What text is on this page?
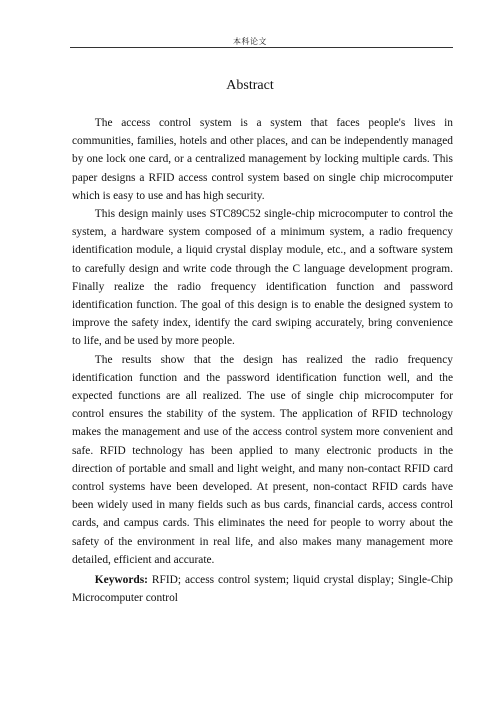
本科论文
Abstract

The access control system is a system that faces people's lives in communities, families, hotels and other places, and can be independently managed by one lock one card, or a centralized management by locking multiple cards. This paper designs a RFID access control system based on single chip microcomputer which is easy to use and has high security.

This design mainly uses STC89C52 single-chip microcomputer to control the system, a hardware system composed of a minimum system, a radio frequency identification module, a liquid crystal display module, etc., and a software system to carefully design and write code through the C language development program. Finally realize the radio frequency identification function and password identification function. The goal of this design is to enable the designed system to improve the safety index, identify the card swiping accurately, bring convenience to life, and be used by more people.

The results show that the design has realized the radio frequency identification function and the password identification function well, and the expected functions are all realized. The use of single chip microcomputer for control ensures the stability of the system. The application of RFID technology makes the management and use of the access control system more convenient and safe. RFID technology has been applied to many electronic products in the direction of portable and small and light weight, and many non-contact RFID card control systems have been developed. At present, non-contact RFID cards have been widely used in many fields such as bus cards, financial cards, access control cards, and campus cards. This eliminates the need for people to worry about the safety of the environment in real life, and also makes many management more detailed, efficient and accurate.

Keywords: RFID; access control system; liquid crystal display; Single-Chip Microcomputer control
